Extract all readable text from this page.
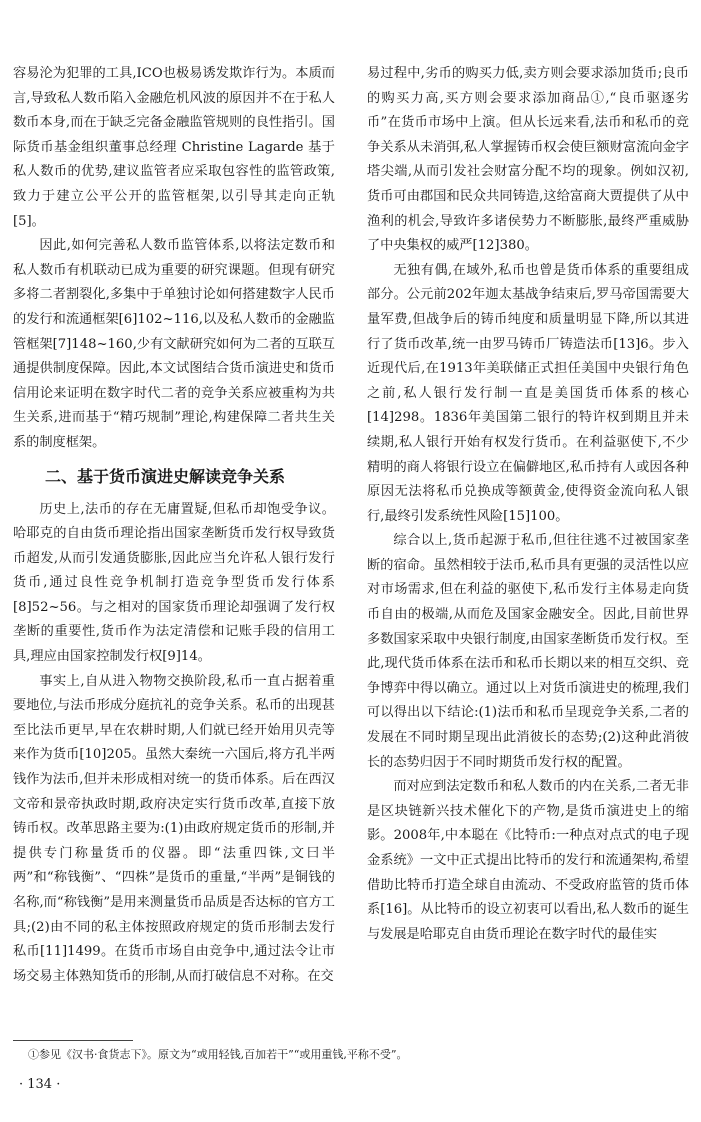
容易沦为犯罪的工具,ICO也极易诱发欺诈行为。本质而言,导致私人数币陷入金融危机风波的原因并不在于私人数币本身,而在于缺乏完备金融监管规则的良性指引。国际货币基金组织董事总经理 Christine Lagarde 基于私人数币的优势,建议监管者应采取包容性的监管政策,致力于建立公平公开的监管框架,以引导其走向正轨[5]。

因此,如何完善私人数币监管体系,以将法定数币和私人数币有机联动已成为重要的研究课题。但现有研究多将二者割裂化,多集中于单独讨论如何搭建数字人民币的发行和流通框架[6]102~116,以及私人数币的金融监管框架[7]148~160,少有文献研究如何为二者的互联互通提供制度保障。因此,本文试图结合货币演进史和货币信用论来证明在数字时代二者的竞争关系应被重构为共生关系,进而基于“精巧规制”理论,构建保障二者共生关系的制度框架。

二、基于货币演进史解读竞争关系

历史上,法币的存在无庸置疑,但私币却饱受争议。哈耶克的自由货币理论指出国家垄断货币发行权导致货币超发,从而引发通货膨胀,因此应当允许私人银行发行货币,通过良性竞争机制打造竞争型货币发行体系[8]52~56。与之相对的国家货币理论却强调了发行权垄断的重要性,货币作为法定清偿和记账手段的信用工具,理应由国家控制发行权[9]14。

事实上,自从进入物物交换阶段,私币一直占据着重要地位,与法币形成分庭抗礼的竞争关系。私币的出现甚至比法币更早,早在农耕时期,人们就已经开始用贝壳等来作为货币[10]205。虽然大秦统一六国后,将方孔半两钱作为法币,但并未形成相对统一的货币体系。后在西汉文帝和景帝执政时期,政府决定实行货币改革,直接下放铸币权。改革思路主要为:(1)由政府规定货币的形制,并提供专门称量货币的仪器。即“法重四铢,文曰半两”和“称钱衡”、“四株”是货币的重量,“半两”是铜钱的名称,而“称钱衡”是用来测量货币品质是否达标的官方工具;(2)由不同的私主体按照政府规定的货币形制去发行私币[11]1499。在货币市场自由竞争中,通过法令让市场交易主体熟知货币的形制,从而打破信息不对称。在交

易过程中,劣币的购买力低,卖方则会要求添加货币;良币的购买力高,买方则会要求添加商品①,“良币驱逐劣币”在货币市场中上演。但从长远来看,法币和私币的竞争关系从未消弭,私人掌握铸币权会使巨额财富流向金字塔尖端,从而引发社会财富分配不均的现象。例如汉初,货币可由郡国和民众共同铸造,这给富商大贾提供了从中渔利的机会,导致许多诸侯势力不断膨胀,最终严重威胁了中央集权的威严[12]380。

无独有偶,在域外,私币也曾是货币体系的重要组成部分。公元前202年迦太基战争结束后,罗马帝国需要大量军费,但战争后的铸币纯度和质量明显下降,所以其进行了货币改革,统一由罗马铸币厂铸造法币[13]6。步入近现代后,在1913年美联储正式担任美国中央银行角色之前,私人银行发行制一直是美国货币体系的核心[14]298。1836年美国第二银行的特许权到期且并未续期,私人银行开始有权发行货币。在利益驱使下,不少精明的商人将银行设立在偏僻地区,私币持有人或因各种原因无法将私币兑换成等额黄金,使得资金流向私人银行,最终引发系统性风险[15]100。

综合以上,货币起源于私币,但往往逃不过被国家垄断的宿命。虽然相较于法币,私币具有更强的灵活性以应对市场需求,但在利益的驱使下,私币发行主体易走向货币自由的极端,从而危及国家金融安全。因此,目前世界多数国家采取中央银行制度,由国家垄断货币发行权。至此,现代货币体系在法币和私币长期以来的相互交织、竞争博弈中得以确立。通过以上对货币演进史的梳理,我们可以得出以下结论:(1)法币和私币呈现竞争关系,二者的发展在不同时期呈现出此消彼长的态势;(2)这种此消彼长的态势归因于不同时期货币发行权的配置。

而对应到法定数币和私人数币的内在关系,二者无非是区块链新兴技术催化下的产物,是货币演进史上的缩影。2008年,中本聪在《比特币:一种点对点式的电子现金系统》一文中正式提出比特币的发行和流通架构,希望借助比特币打造全球自由流动、不受政府监管的货币体系[16]。从比特币的设立初衷可以看出,私人数币的诞生与发展是哈耶克自由货币理论在数字时代的最佳实

①参见《汉书·食货志下》。原文为“或用轻钱,百加若干”“或用重钱,平称不受”。
· 134 ·
